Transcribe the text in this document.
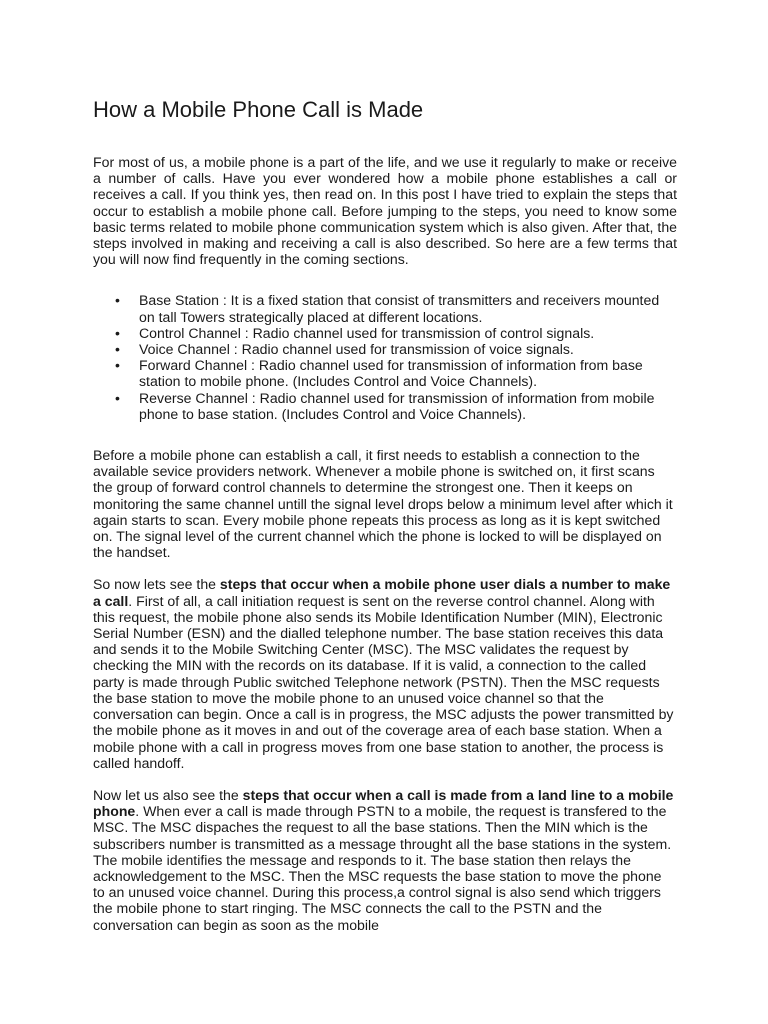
How a Mobile Phone Call is Made

For most of us, a mobile phone is a part of the life, and we use it regularly to make or receive a number of calls. Have you ever wondered how a mobile phone establishes a call or receives a call. If you think yes, then read on. In this post I have tried to explain the steps that occur to establish a mobile phone call. Before jumping to the steps, you need to know some basic terms related to mobile phone communication system which is also given. After that, the steps involved in making and receiving a call is also described. So here are a few terms that you will now find frequently in the coming sections.

• Base Station : It is a fixed station that consist of transmitters and receivers mounted on tall Towers strategically placed at different locations.
• Control Channel : Radio channel used for transmission of control signals.
• Voice Channel : Radio channel used for transmission of voice signals.
• Forward Channel : Radio channel used for transmission of information from base station to mobile phone. (Includes Control and Voice Channels).
• Reverse Channel : Radio channel used for transmission of information from mobile phone to base station. (Includes Control and Voice Channels).

Before a mobile phone can establish a call, it first needs to establish a connection to the available sevice providers network. Whenever a mobile phone is switched on, it first scans the group of forward control channels to determine the strongest one. Then it keeps on monitoring the same channel untill the signal level drops below a minimum level after which it again starts to scan. Every mobile phone repeats this process as long as it is kept switched on. The signal level of the current channel which the phone is locked to will be displayed on the handset.

So now lets see the steps that occur when a mobile phone user dials a number to make a call. First of all, a call initiation request is sent on the reverse control channel. Along with this request, the mobile phone also sends its Mobile Identification Number (MIN), Electronic Serial Number (ESN) and the dialled telephone number. The base station receives this data and sends it to the Mobile Switching Center (MSC). The MSC validates the request by checking the MIN with the records on its database. If it is valid, a connection to the called party is made through Public switched Telephone network (PSTN). Then the MSC requests the base station to move the mobile phone to an unused voice channel so that the conversation can begin. Once a call is in progress, the MSC adjusts the power transmitted by the mobile phone as it moves in and out of the coverage area of each base station. When a mobile phone with a call in progress moves from one base station to another, the process is called handoff.

Now let us also see the steps that occur when a call is made from a land line to a mobile phone. When ever a call is made through PSTN to a mobile, the request is transfered to the MSC. The MSC dispaches the request to all the base stations. Then the MIN which is the subscribers number is transmitted as a message throught all the base stations in the system. The mobile identifies the message and responds to it. The base station then relays the acknowledgement to the MSC. Then the MSC requests the base station to move the phone to an unused voice channel. During this process,a control signal is also send which triggers the mobile phone to start ringing. The MSC connects the call to the PSTN and the conversation can begin as soon as the mobile
